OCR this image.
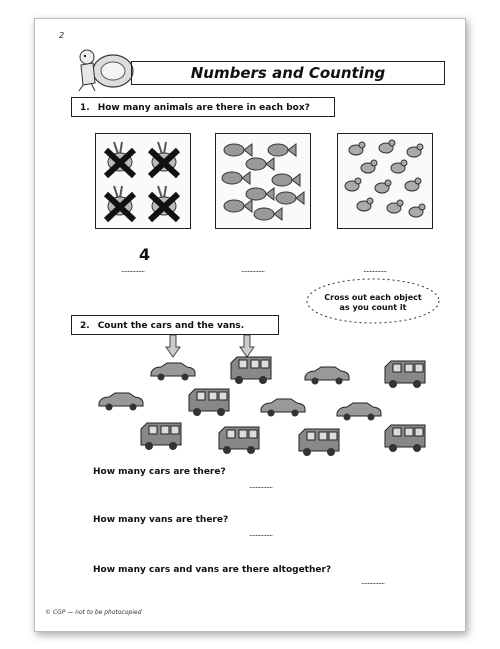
2
Numbers and Counting
1. How many animals are there in each box?
4
...............	...............	...............
Cross out each object
as you count it
2. Count the cars and the vans.
How many cars are there?
...............
How many vans are there?
...............
How many cars and vans are there altogether?
...............
© CGP — not to be photocopied
